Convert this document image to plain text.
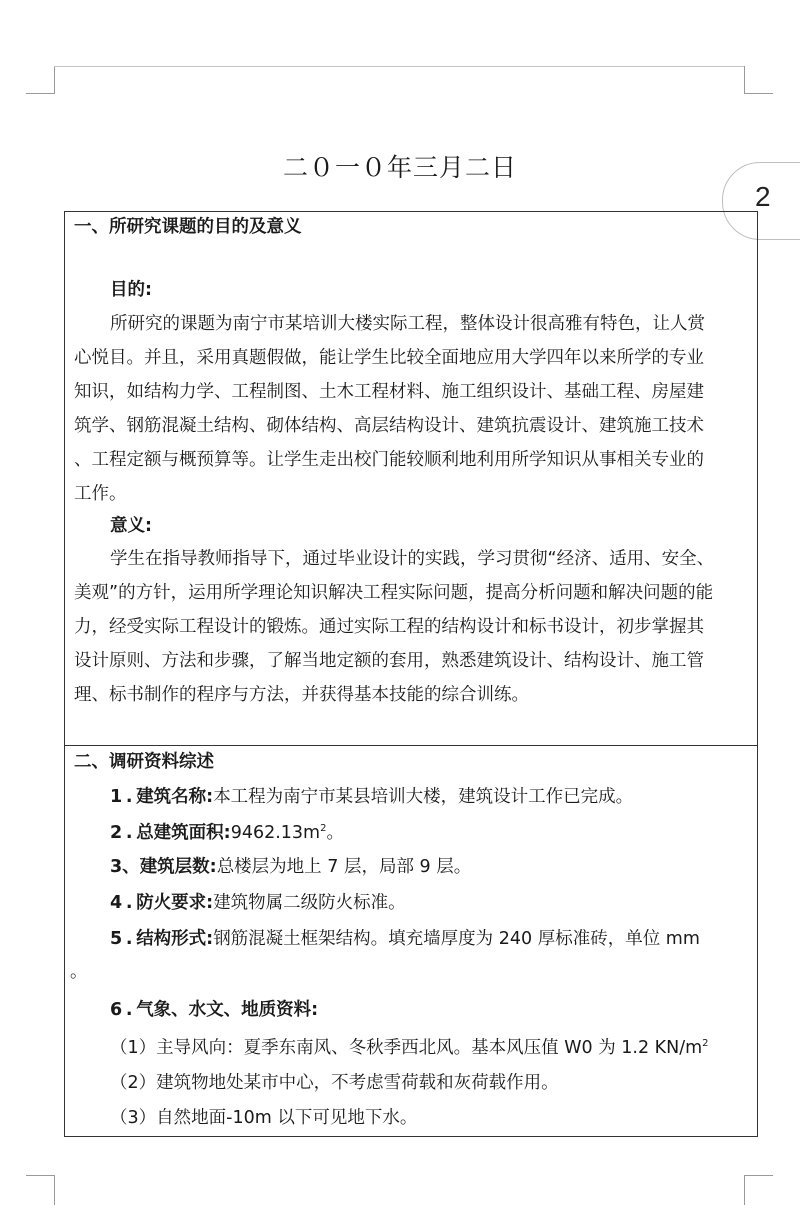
二０一０年三月二日
2
一、所研究课题的目的及意义
目的:
所研究的课题为南宁市某培训大楼实际工程，整体设计很高雅有特色，让人赏
心悦目。并且，采用真题假做，能让学生比较全面地应用大学四年以来所学的专业
知识，如结构力学、工程制图、土木工程材料、施工组织设计、基础工程、房屋建
筑学、钢筋混凝土结构、砌体结构、高层结构设计、建筑抗震设计、建筑施工技术
、工程定额与概预算等。让学生走出校门能较顺利地利用所学知识从事相关专业的
工作。
意义:
学生在指导教师指导下，通过毕业设计的实践，学习贯彻“经济、适用、安全、
美观”的方针，运用所学理论知识解决工程实际问题，提高分析问题和解决问题的能
力，经受实际工程设计的锻炼。通过实际工程的结构设计和标书设计，初步掌握其
设计原则、方法和步骤，了解当地定额的套用，熟悉建筑设计、结构设计、施工管
理、标书制作的程序与方法，并获得基本技能的综合训练。
二、调研资料综述
1 . 建筑名称:本工程为南宁市某县培训大楼，建筑设计工作已完成。
2 . 总建筑面积$:9462.13m^2$。
3、建筑层数:总楼层为地上 7 层，局部 9 层。
4 . 防火要求:建筑物属二级防火标准。
5 . 结构形式:钢筋混凝土框架结构。填充墙厚度为 240 厚标准砖，单位 mm
。
6 . 气象、水文、地质资料:
（1）主导风向：夏季东南风、冬秋季西北风。基本风压值 W0 为 1.2 $KN/m^2$
（2）建筑物地处某市中心，不考虑雪荷载和灰荷载作用。
（3）自然地面-10m 以下可见地下水。
